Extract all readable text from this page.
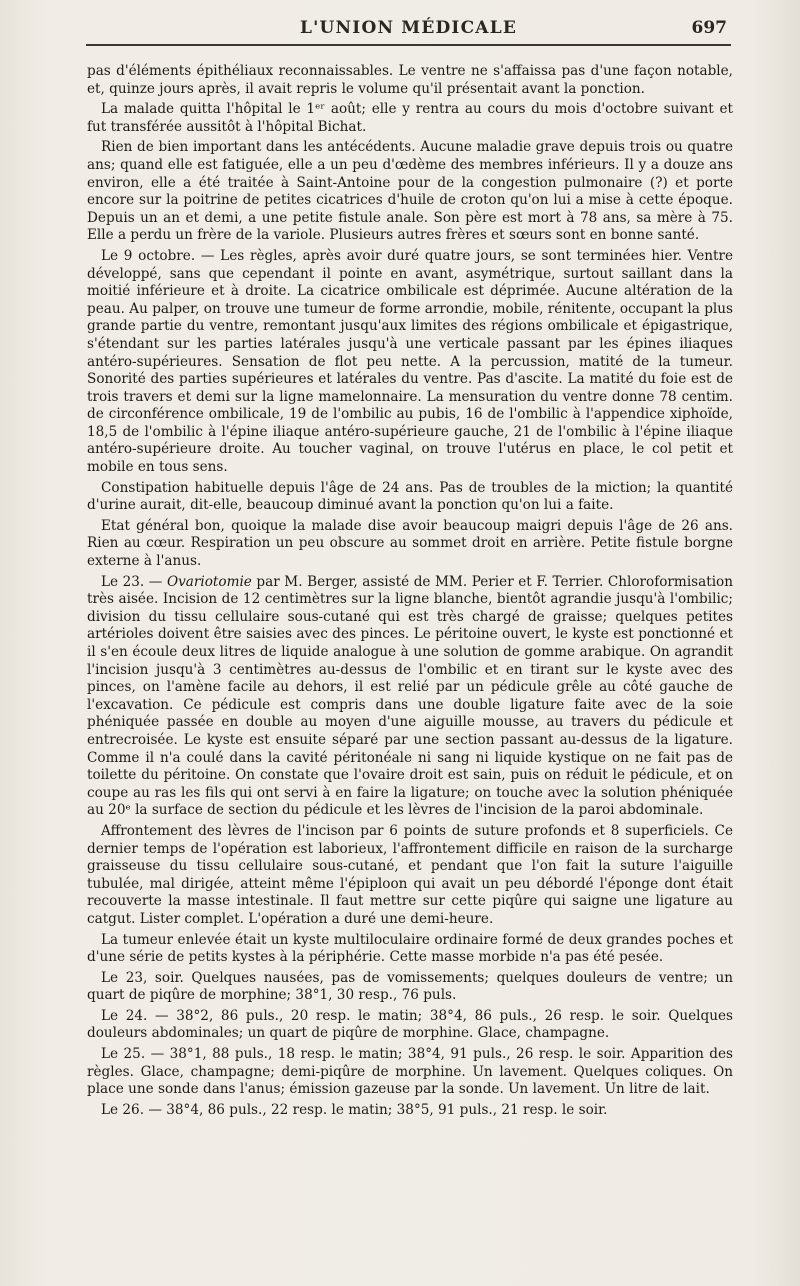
L'UNION MÉDICALE	697

pas d'éléments épithéliaux reconnaissables. Le ventre ne s'affaissa pas d'une façon notable, et, quinze jours après, il avait repris le volume qu'il présentait avant la ponction.

La malade quitta l'hôpital le 1ᵉʳ août; elle y rentra au cours du mois d'octobre suivant et fut transférée aussitôt à l'hôpital Bichat.

Rien de bien important dans les antécédents. Aucune maladie grave depuis trois ou quatre ans; quand elle est fatiguée, elle a un peu d'œdème des membres inférieurs. Il y a douze ans environ, elle a été traitée à Saint-Antoine pour de la congestion pulmonaire (?) et porte encore sur la poitrine de petites cicatrices d'huile de croton qu'on lui a mise à cette époque. Depuis un an et demi, a une petite fistule anale. Son père est mort à 78 ans, sa mère à 75. Elle a perdu un frère de la variole. Plusieurs autres frères et sœurs sont en bonne santé.

Le 9 octobre. — Les règles, après avoir duré quatre jours, se sont terminées hier. Ventre développé, sans que cependant il pointe en avant, asymétrique, surtout saillant dans la moitié inférieure et à droite. La cicatrice ombilicale est déprimée. Aucune altération de la peau. Au palper, on trouve une tumeur de forme arrondie, mobile, rénitente, occupant la plus grande partie du ventre, remontant jusqu'aux limites des régions ombilicale et épigastrique, s'étendant sur les parties latérales jusqu'à une verticale passant par les épines iliaques antéro-supérieures. Sensation de flot peu nette. A la percussion, matité de la tumeur. Sonorité des parties supérieures et latérales du ventre. Pas d'ascite. La matité du foie est de trois travers et demi sur la ligne mamelonnaire. La mensuration du ventre donne 78 centim. de circonférence ombilicale, 19 de l'ombilic au pubis, 16 de l'ombilic à l'appendice xiphoïde, 18,5 de l'ombilic à l'épine iliaque antéro-supérieure gauche, 21 de l'ombilic à l'épine iliaque antéro-supérieure droite. Au toucher vaginal, on trouve l'utérus en place, le col petit et mobile en tous sens.

Constipation habituelle depuis l'âge de 24 ans. Pas de troubles de la miction; la quantité d'urine aurait, dit-elle, beaucoup diminué avant la ponction qu'on lui a faite.

Etat général bon, quoique la malade dise avoir beaucoup maigri depuis l'âge de 26 ans. Rien au cœur. Respiration un peu obscure au sommet droit en arrière. Petite fistule borgne externe à l'anus.

Le 23. — Ovariotomie par M. Berger, assisté de MM. Perier et F. Terrier. Chloroformisation très aisée. Incision de 12 centimètres sur la ligne blanche, bientôt agrandie jusqu'à l'ombilic; division du tissu cellulaire sous-cutané qui est très chargé de graisse; quelques petites artérioles doivent être saisies avec des pinces. Le péritoine ouvert, le kyste est ponctionné et il s'en écoule deux litres de liquide analogue à une solution de gomme arabique. On agrandit l'incision jusqu'à 3 centimètres au-dessus de l'ombilic et en tirant sur le kyste avec des pinces, on l'amène facile au dehors, il est relié par un pédicule grêle au côté gauche de l'excavation. Ce pédicule est compris dans une double ligature faite avec de la soie phéniquée passée en double au moyen d'une aiguille mousse, au travers du pédicule et entrecroisée. Le kyste est ensuite séparé par une section passant au-dessus de la ligature. Comme il n'a coulé dans la cavité péritonéale ni sang ni liquide kystique on ne fait pas de toilette du péritoine. On constate que l'ovaire droit est sain, puis on réduit le pédicule, et on coupe au ras les fils qui ont servi à en faire la ligature; on touche avec la solution phéniquée au 20ᵉ la surface de section du pédicule et les lèvres de l'incision de la paroi abdominale.

Affrontement des lèvres de l'incison par 6 points de suture profonds et 8 superficiels. Ce dernier temps de l'opération est laborieux, l'affrontement difficile en raison de la surcharge graisseuse du tissu cellulaire sous-cutané, et pendant que l'on fait la suture l'aiguille tubulée, mal dirigée, atteint même l'épiploon qui avait un peu débordé l'éponge dont était recouverte la masse intestinale. Il faut mettre sur cette piqûre qui saigne une ligature au catgut. Lister complet. L'opération a duré une demi-heure.

La tumeur enlevée était un kyste multiloculaire ordinaire formé de deux grandes poches et d'une série de petits kystes à la périphérie. Cette masse morbide n'a pas été pesée.

Le 23, soir. Quelques nausées, pas de vomissements; quelques douleurs de ventre; un quart de piqûre de morphine; 38°1, 30 resp., 76 puls.

Le 24. — 38°2, 86 puls., 20 resp. le matin; 38°4, 86 puls., 26 resp. le soir. Quelques douleurs abdominales; un quart de piqûre de morphine. Glace, champagne.

Le 25. — 38°1, 88 puls., 18 resp. le matin; 38°4, 91 puls., 26 resp. le soir. Apparition des règles. Glace, champagne; demi-piqûre de morphine. Un lavement. Quelques coliques. On place une sonde dans l'anus; émission gazeuse par la sonde. Un lavement. Un litre de lait.

Le 26. — 38°4, 86 puls., 22 resp. le matin; 38°5, 91 puls., 21 resp. le soir.
